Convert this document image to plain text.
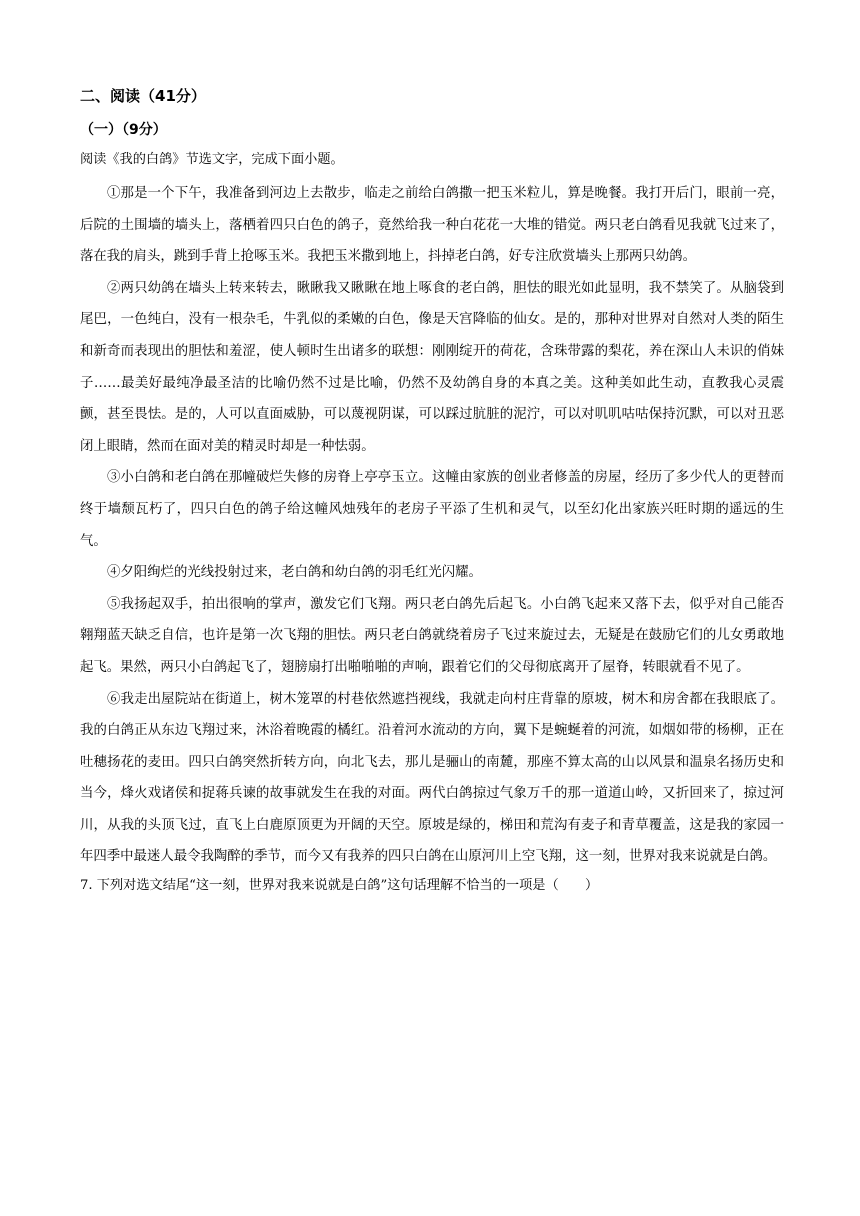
二、阅读（41分）
（一）（9分）
阅读《我的白鸽》节选文字，完成下面小题。

①那是一个下午，我准备到河边上去散步，临走之前给白鸽撒一把玉米粒儿，算是晚餐。我打开后门，眼前一亮，后院的土围墙的墙头上，落栖着四只白色的鸽子，竟然给我一种白花花一大堆的错觉。两只老白鸽看见我就飞过来了，落在我的肩头，跳到手背上抢啄玉米。我把玉米撒到地上，抖掉老白鸽，好专注欣赏墙头上那两只幼鸽。

②两只幼鸽在墙头上转来转去，瞅瞅我又瞅瞅在地上啄食的老白鸽，胆怯的眼光如此显明，我不禁笑了。从脑袋到尾巴，一色纯白，没有一根杂毛，牛乳似的柔嫩的白色，像是天宫降临的仙女。是的，那种对世界对自然对人类的陌生和新奇而表现出的胆怯和羞涩，使人顿时生出诸多的联想：刚刚绽开的荷花，含珠带露的梨花，养在深山人未识的俏妹子……最美好最纯净最圣洁的比喻仍然不过是比喻，仍然不及幼鸽自身的本真之美。这种美如此生动，直教我心灵震颤，甚至畏怯。是的，人可以直面威胁，可以蔑视阴谋，可以踩过肮脏的泥泞，可以对叽叽咕咕保持沉默，可以对丑恶闭上眼睛，然而在面对美的精灵时却是一种怯弱。

③小白鸽和老白鸽在那幢破烂失修的房脊上亭亭玉立。这幢由家族的创业者修盖的房屋，经历了多少代人的更替而终于墙颓瓦朽了，四只白色的鸽子给这幢风烛残年的老房子平添了生机和灵气，以至幻化出家族兴旺时期的遥远的生气。

④夕阳绚烂的光线投射过来，老白鸽和幼白鸽的羽毛红光闪耀。

⑤我扬起双手，拍出很响的掌声，激发它们飞翔。两只老白鸽先后起飞。小白鸽飞起来又落下去，似乎对自己能否翱翔蓝天缺乏自信，也许是第一次飞翔的胆怯。两只老白鸽就绕着房子飞过来旋过去，无疑是在鼓励它们的儿女勇敢地起飞。果然，两只小白鸽起飞了，翅膀扇打出啪啪啪的声响，跟着它们的父母彻底离开了屋脊，转眼就看不见了。

⑥我走出屋院站在街道上，树木笼罩的村巷依然遮挡视线，我就走向村庄背靠的原坡，树木和房舍都在我眼底了。我的白鸽正从东边飞翔过来，沐浴着晚霞的橘红。沿着河水流动的方向，翼下是蜿蜒着的河流，如烟如带的杨柳，正在吐穗扬花的麦田。四只白鸽突然折转方向，向北飞去，那儿是骊山的南麓，那座不算太高的山以风景和温泉名扬历史和当今，烽火戏诸侯和捉蒋兵谏的故事就发生在我的对面。两代白鸽掠过气象万千的那一道道山岭，又折回来了，掠过河川，从我的头顶飞过，直飞上白鹿原顶更为开阔的天空。原坡是绿的，梯田和荒沟有麦子和青草覆盖，这是我的家园一年四季中最迷人最令我陶醉的季节，而今又有我养的四只白鸽在山原河川上空飞翔，这一刻，世界对我来说就是白鸽。

7. 下列对选文结尾“这一刻，世界对我来说就是白鸽”这句话理解不恰当的一项是（　　）
